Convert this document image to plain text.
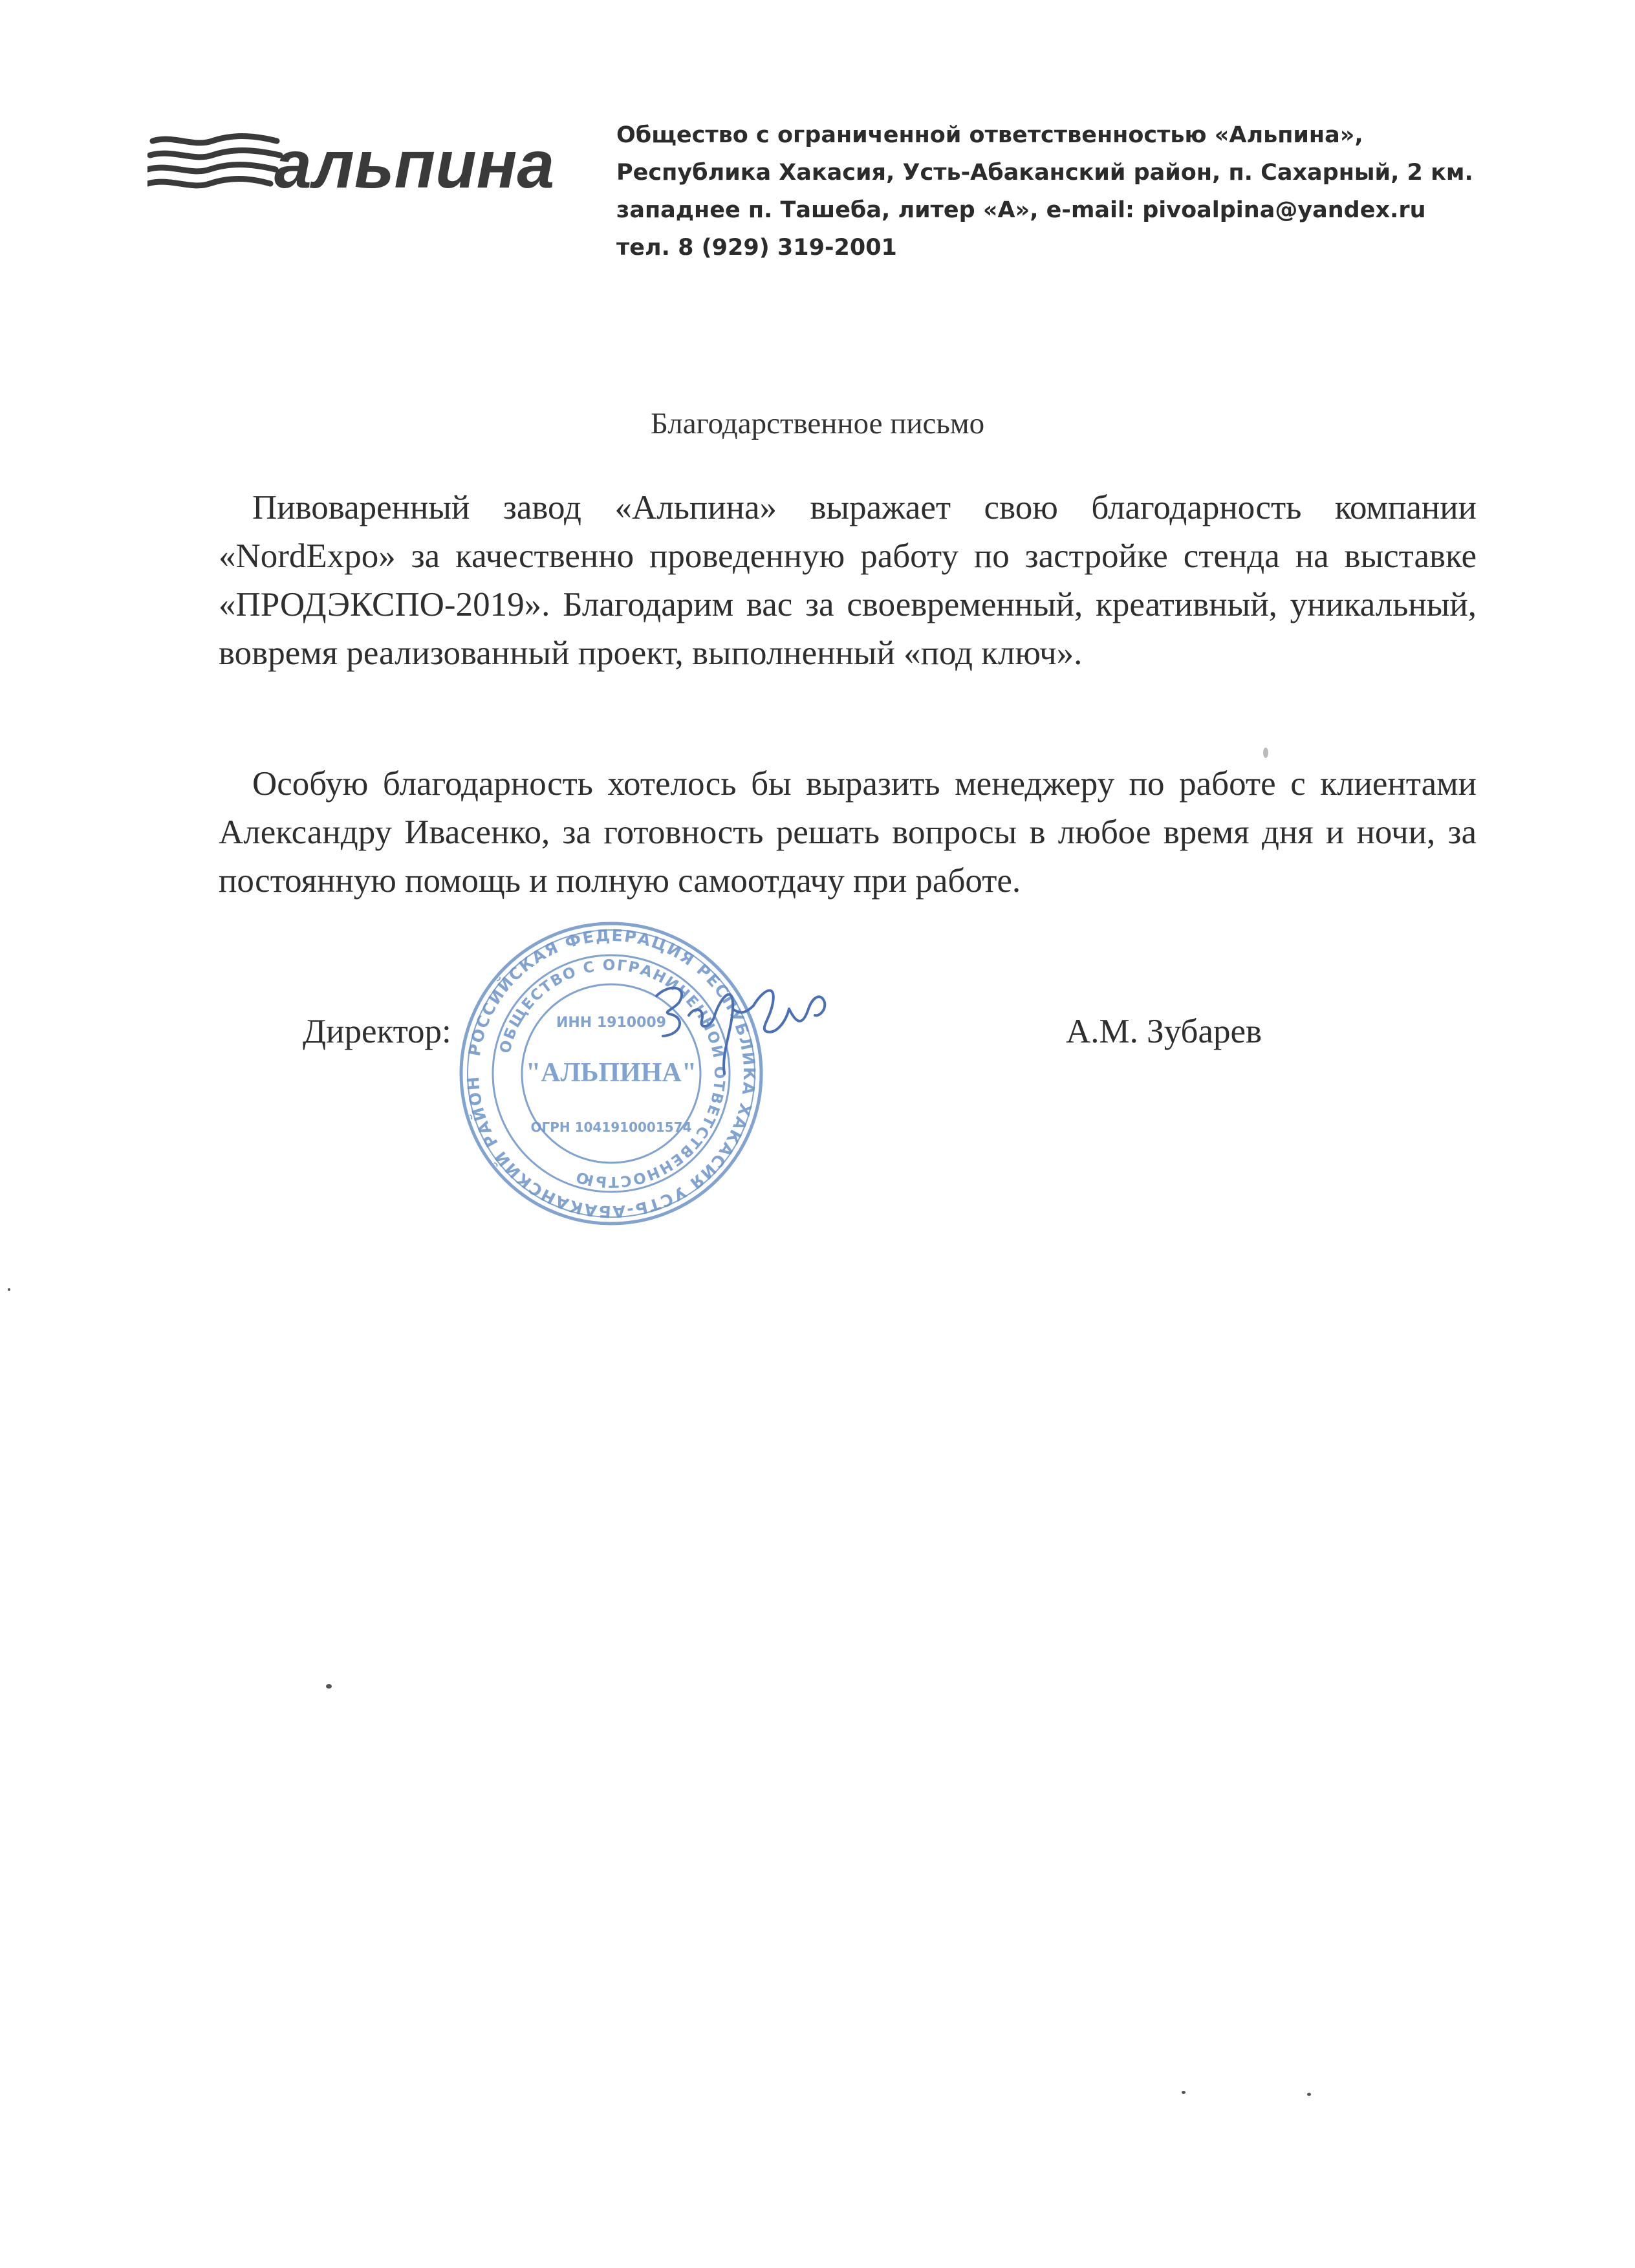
альпина	Общество с ограниченной ответственностью «Альпина»,
Республика Хакасия, Усть-Абаканский район, п. Сахарный, 2 км.
западнее п. Ташеба, литер «А», e-mail: pivoalpina@yandex.ru
тел. 8 (929) 319-2001
Благодарственное письмо
Пивоваренный завод «Альпина» выражает свою благодарность компании «NordExpo» за качественно проведенную работу по застройке стенда на выставке «ПРОДЭКСПО-2019». Благодарим вас за своевременный, креативный, уникальный, вовремя реализованный проект, выполненный «под ключ».
Особую благодарность хотелось бы выразить менеджеру по работе с клиентами Александру Ивасенко, за готовность решать вопросы в любое время дня и ночи, за постоянную помощь и полную самоотдачу при работе.
РОССИЙСКАЯ ФЕДЕРАЦИЯ РЕСПУБЛИКА ХАКАСИЯ УСТЬ-АБАКАНСКИЙ РАЙОН
ОБЩЕСТВО С ОГРАНИЧЕННОЙ ОТВЕТСТВЕННОСТЬЮ
ИНН 1910009
"АЛЬПИНА"
ОГРН 1041910001574
Директор:	А.М. Зубарев
